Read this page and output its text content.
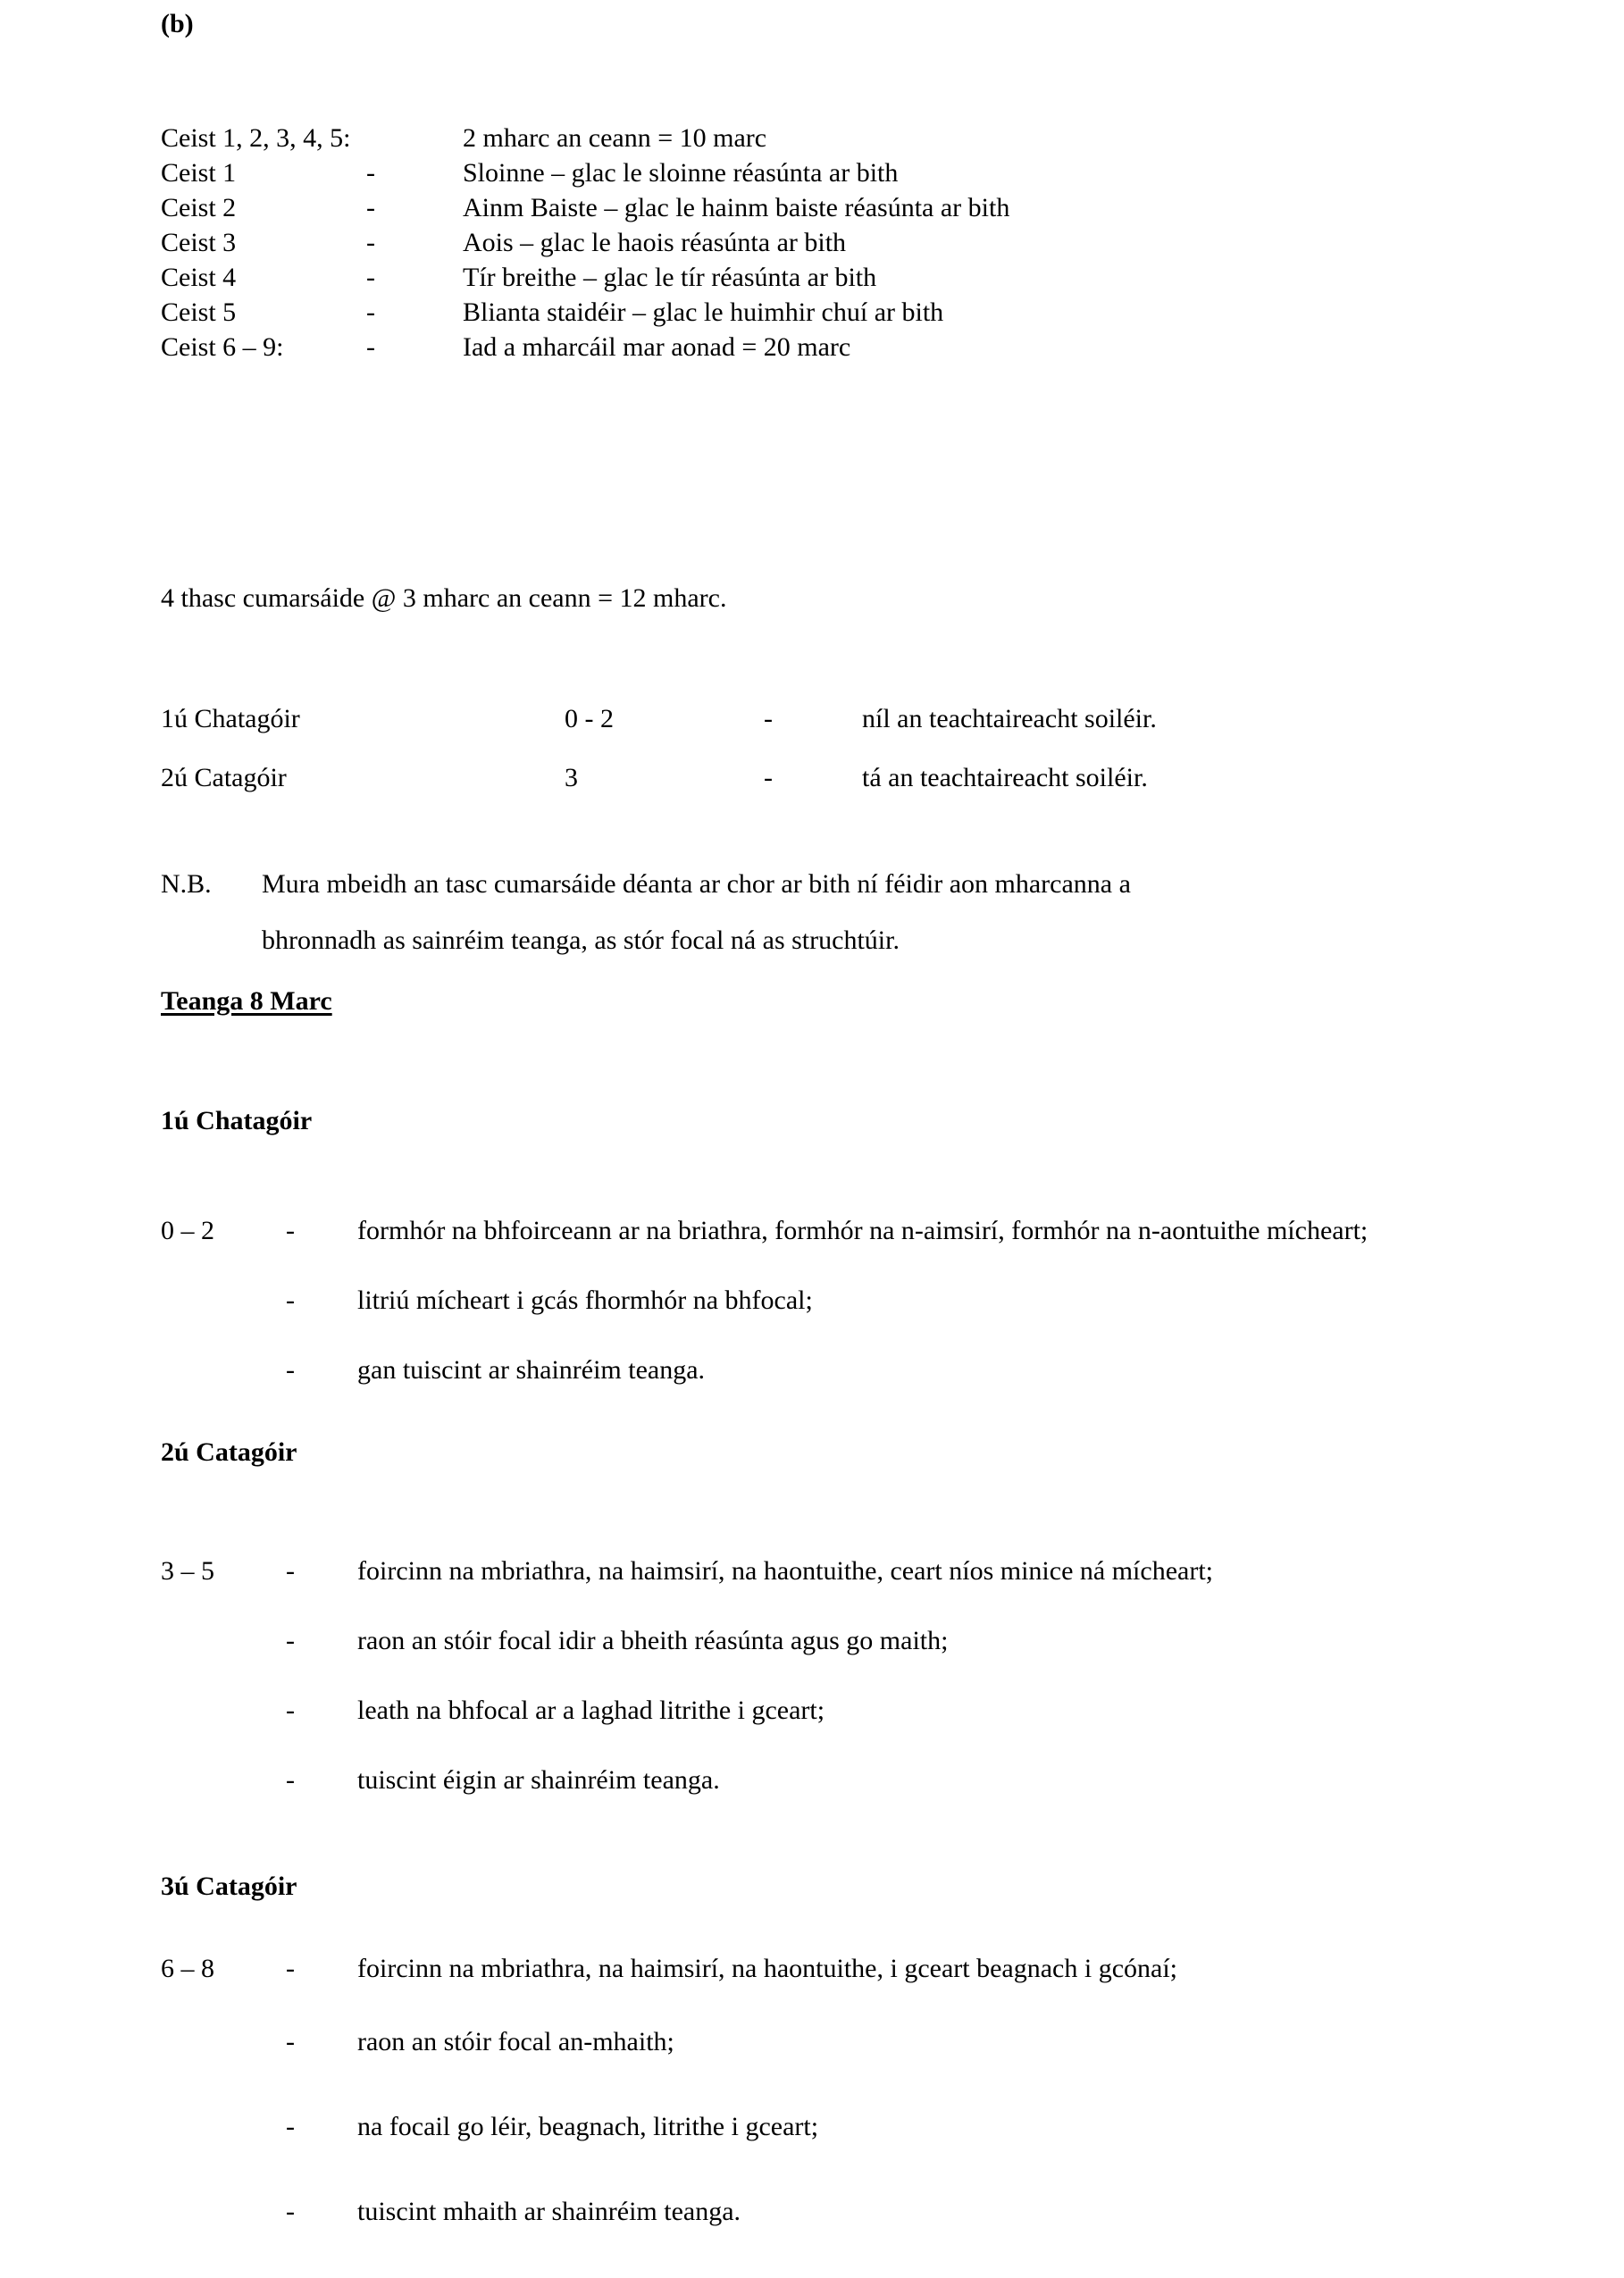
(b)
Ceist 1, 2, 3, 4, 5:	2 mharc an ceann = 10 marc
Ceist 1	-	Sloinne – glac le sloinne réasúnta ar bith
Ceist 2	-	Ainm Baiste – glac le hainm baiste réasúnta ar bith
Ceist 3	-	Aois – glac le haois réasúnta ar bith
Ceist 4	-	Tír breithe – glac le tír réasúnta ar bith
Ceist 5	-	Blianta staidéir – glac le huimhir chuí ar bith
Ceist 6 – 9:	-	Iad a mharcáil mar aonad = 20 marc
4 thasc cumarsáide @ 3 mharc an ceann = 12 mharc.
1ú Chatagóir	0 - 2	-	níl an teachtaireacht soiléir.
2ú Catagóir	3	-	tá an teachtaireacht soiléir.
N.B. Mura mbeidh an tasc cumarsáide déanta ar chor ar bith ní féidir aon mharcanna a
bhronnadh as sainréim teanga, as stór focal ná as struchtúir.
Teanga 8 Marc
1ú Chatagóir
0 – 2	- formhór na bhfoirceann ar na briathra, formhór na n-aimsirí, formhór na n-aontuithe mícheart;
- litriú mícheart i gcás fhormhór na bhfocal;
- gan tuiscint ar shainréim teanga.
2ú Catagóir
3 – 5	- foircinn na mbriathra, na haimsirí, na haontuithe, ceart níos minice ná mícheart;
- raon an stóir focal idir a bheith réasúnta agus go maith;
- leath na bhfocal ar a laghad litrithe i gceart;
- tuiscint éigin ar shainréim teanga.
3ú Catagóir
6 – 8	- foircinn na mbriathra, na haimsirí, na haontuithe, i gceart beagnach i gcónaí;
- raon an stóir focal an-mhaith;
- na focail go léir, beagnach, litrithe i gceart;
- tuiscint mhaith ar shainréim teanga.
